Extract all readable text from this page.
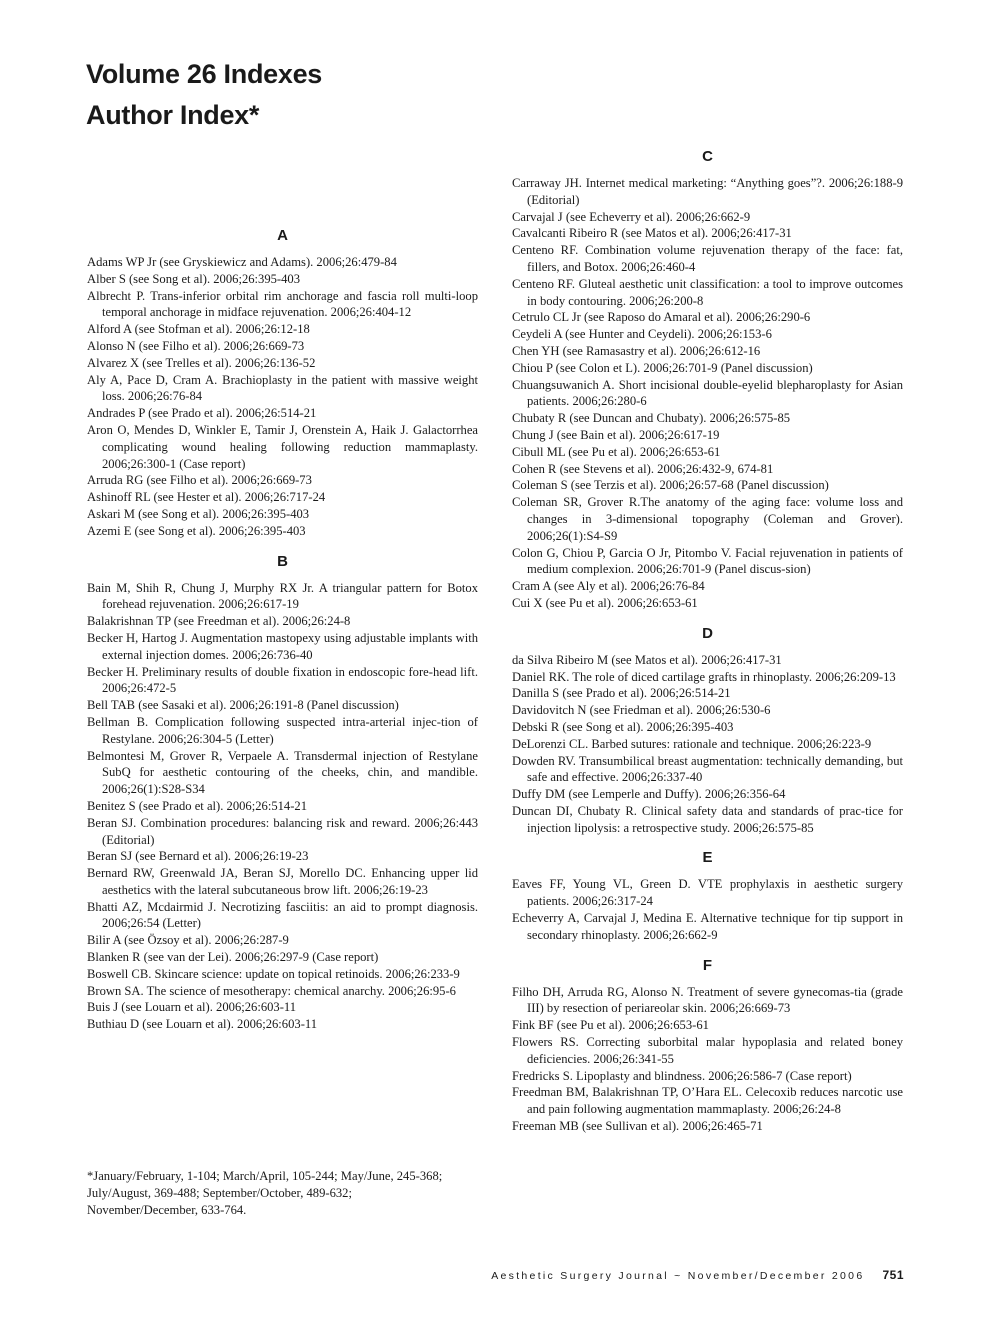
Volume 26 Indexes
Author Index*
A
Adams WP Jr (see Gryskiewicz and Adams). 2006;26:479-84
Alber S (see Song et al). 2006;26:395-403
Albrecht P. Trans-inferior orbital rim anchorage and fascia roll multi-loop temporal anchorage in midface rejuvenation. 2006;26:404-12
Alford A (see Stofman et al). 2006;26:12-18
Alonso N (see Filho et al). 2006;26:669-73
Alvarez X (see Trelles et al). 2006;26:136-52
Aly A, Pace D, Cram A. Brachioplasty in the patient with massive weight loss. 2006;26:76-84
Andrades P (see Prado et al). 2006;26:514-21
Aron O, Mendes D, Winkler E, Tamir J, Orenstein A, Haik J. Galactorrhea complicating wound healing following reduction mammaplasty. 2006;26:300-1 (Case report)
Arruda RG (see Filho et al). 2006;26:669-73
Ashinoff RL (see Hester et al). 2006;26:717-24
Askari M (see Song et al). 2006;26:395-403
Azemi E (see Song et al). 2006;26:395-403
B
Bain M, Shih R, Chung J, Murphy RX Jr. A triangular pattern for Botox forehead rejuvenation. 2006;26:617-19
Balakrishnan TP (see Freedman et al). 2006;26:24-8
Becker H, Hartog J. Augmentation mastopexy using adjustable implants with external injection domes. 2006;26:736-40
Becker H. Preliminary results of double fixation in endoscopic fore-head lift. 2006;26:472-5
Bell TAB (see Sasaki et al). 2006;26:191-8 (Panel discussion)
Bellman B. Complication following suspected intra-arterial injec-tion of Restylane. 2006;26:304-5 (Letter)
Belmontesi M, Grover R, Verpaele A. Transdermal injection of Restylane SubQ for aesthetic contouring of the cheeks, chin, and mandible. 2006;26(1):S28-S34
Benitez S (see Prado et al). 2006;26:514-21
Beran SJ. Combination procedures: balancing risk and reward. 2006;26:443 (Editorial)
Beran SJ (see Bernard et al). 2006;26:19-23
Bernard RW, Greenwald JA, Beran SJ, Morello DC. Enhancing upper lid aesthetics with the lateral subcutaneous brow lift. 2006;26:19-23
Bhatti AZ, Mcdairmid J. Necrotizing fasciitis: an aid to prompt diagnosis. 2006;26:54 (Letter)
Bilir A (see Özsoy et al). 2006;26:287-9
Blanken R (see van der Lei). 2006;26:297-9 (Case report)
Boswell CB. Skincare science: update on topical retinoids. 2006;26:233-9
Brown SA. The science of mesotherapy: chemical anarchy. 2006;26:95-6
Buis J (see Louarn et al). 2006;26:603-11
Buthiau D (see Louarn et al). 2006;26:603-11
C
Carraway JH. Internet medical marketing: “Anything goes”?. 2006;26:188-9 (Editorial)
Carvajal J (see Echeverry et al). 2006;26:662-9
Cavalcanti Ribeiro R (see Matos et al). 2006;26:417-31
Centeno RF. Combination volume rejuvenation therapy of the face: fat, fillers, and Botox. 2006;26:460-4
Centeno RF. Gluteal aesthetic unit classification: a tool to improve outcomes in body contouring. 2006;26:200-8
Cetrulo CL Jr (see Raposo do Amaral et al). 2006;26:290-6
Ceydeli A (see Hunter and Ceydeli). 2006;26:153-6
Chen YH (see Ramasastry et al). 2006;26:612-16
Chiou P (see Colon et L). 2006;26:701-9 (Panel discussion)
Chuangsuwanich A. Short incisional double-eyelid blepharoplasty for Asian patients. 2006;26:280-6
Chubaty R (see Duncan and Chubaty). 2006;26:575-85
Chung J (see Bain et al). 2006;26:617-19
Cibull ML (see Pu et al). 2006;26:653-61
Cohen R (see Stevens et al). 2006;26:432-9, 674-81
Coleman S (see Terzis et al). 2006;26:57-68 (Panel discussion)
Coleman SR, Grover R.The anatomy of the aging face: volume loss and changes in 3-dimensional topography (Coleman and Grover). 2006;26(1):S4-S9
Colon G, Chiou P, Garcia O Jr, Pitombo V. Facial rejuvenation in patients of medium complexion. 2006;26:701-9 (Panel discus-sion)
Cram A (see Aly et al). 2006;26:76-84
Cui X (see Pu et al). 2006;26:653-61
D
da Silva Ribeiro M (see Matos et al). 2006;26:417-31
Daniel RK. The role of diced cartilage grafts in rhinoplasty. 2006;26:209-13
Danilla S (see Prado et al). 2006;26:514-21
Davidovitch N (see Friedman et al). 2006;26:530-6
Debski R (see Song et al). 2006;26:395-403
DeLorenzi CL. Barbed sutures: rationale and technique. 2006;26:223-9
Dowden RV. Transumbilical breast augmentation: technically demanding, but safe and effective. 2006;26:337-40
Duffy DM (see Lemperle and Duffy). 2006;26:356-64
Duncan DI, Chubaty R. Clinical safety data and standards of prac-tice for injection lipolysis: a retrospective study. 2006;26:575-85
E
Eaves FF, Young VL, Green D. VTE prophylaxis in aesthetic surgery patients. 2006;26:317-24
Echeverry A, Carvajal J, Medina E. Alternative technique for tip support in secondary rhinoplasty. 2006;26:662-9
F
Filho DH, Arruda RG, Alonso N. Treatment of severe gynecomas-tia (grade III) by resection of periareolar skin. 2006;26:669-73
Fink BF (see Pu et al). 2006;26:653-61
Flowers RS. Correcting suborbital malar hypoplasia and related boney deficiencies. 2006;26:341-55
Fredricks S. Lipoplasty and blindness. 2006;26:586-7 (Case report)
Freedman BM, Balakrishnan TP, O’Hara EL. Celecoxib reduces narcotic use and pain following augmentation mammaplasty. 2006;26:24-8
Freeman MB (see Sullivan et al). 2006;26:465-71
*January/February, 1-104; March/April, 105-244; May/June, 245-368; July/August, 369-488; September/October, 489-632; November/December, 633-764.
Aesthetic Surgery Journal ~ November/December 2006 751
